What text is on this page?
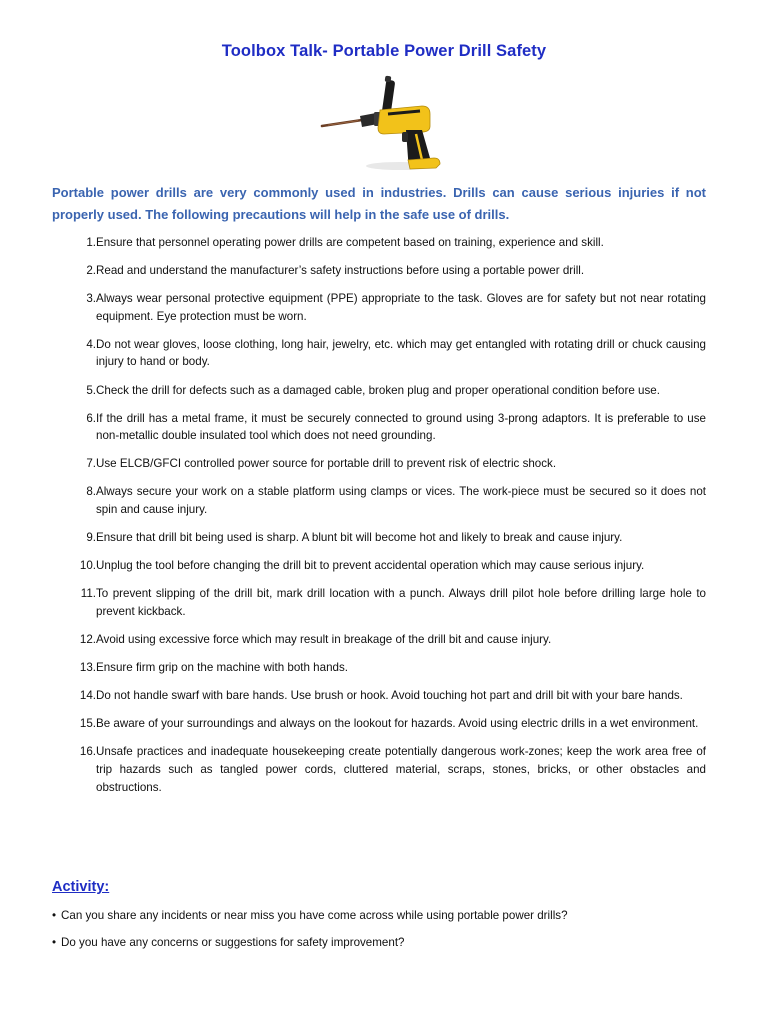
Toolbox Talk- Portable Power Drill Safety
Portable power drills are very commonly used in industries. Drills can cause serious injuries if not properly used. The following precautions will help in the safe use of drills.
1. Ensure that personnel operating power drills are competent based on training, experience and skill.
2. Read and understand the manufacturer’s safety instructions before using a portable power drill.
3. Always wear personal protective equipment (PPE) appropriate to the task. Gloves are for safety but not near rotating equipment. Eye protection must be worn.
4. Do not wear gloves, loose clothing, long hair, jewelry, etc. which may get entangled with rotating drill or chuck causing injury to hand or body.
5. Check the drill for defects such as a damaged cable, broken plug and proper operational condition before use.
6. If the drill has a metal frame, it must be securely connected to ground using 3-prong adaptors. It is preferable to use non-metallic double insulated tool which does not need grounding.
7. Use ELCB/GFCI controlled power source for portable drill to prevent risk of electric shock.
8. Always secure your work on a stable platform using clamps or vices. The work-piece must be secured so it does not spin and cause injury.
9. Ensure that drill bit being used is sharp. A blunt bit will become hot and likely to break and cause injury.
10. Unplug the tool before changing the drill bit to prevent accidental operation which may cause serious injury.
11. To prevent slipping of the drill bit, mark drill location with a punch. Always drill pilot hole before drilling large hole to prevent kickback.
12. Avoid using excessive force which may result in breakage of the drill bit and cause injury.
13. Ensure firm grip on the machine with both hands.
14. Do not handle swarf with bare hands. Use brush or hook. Avoid touching hot part and drill bit with your bare hands.
15. Be aware of your surroundings and always on the lookout for hazards. Avoid using electric drills in a wet environment.
16. Unsafe practices and inadequate housekeeping create potentially dangerous work-zones; keep the work area free of trip hazards such as tangled power cords, cluttered material, scraps, stones, bricks, or other obstacles and obstructions.
Activity:
• Can you share any incidents or near miss you have come across while using portable power drills?
• Do you have any concerns or suggestions for safety improvement?
